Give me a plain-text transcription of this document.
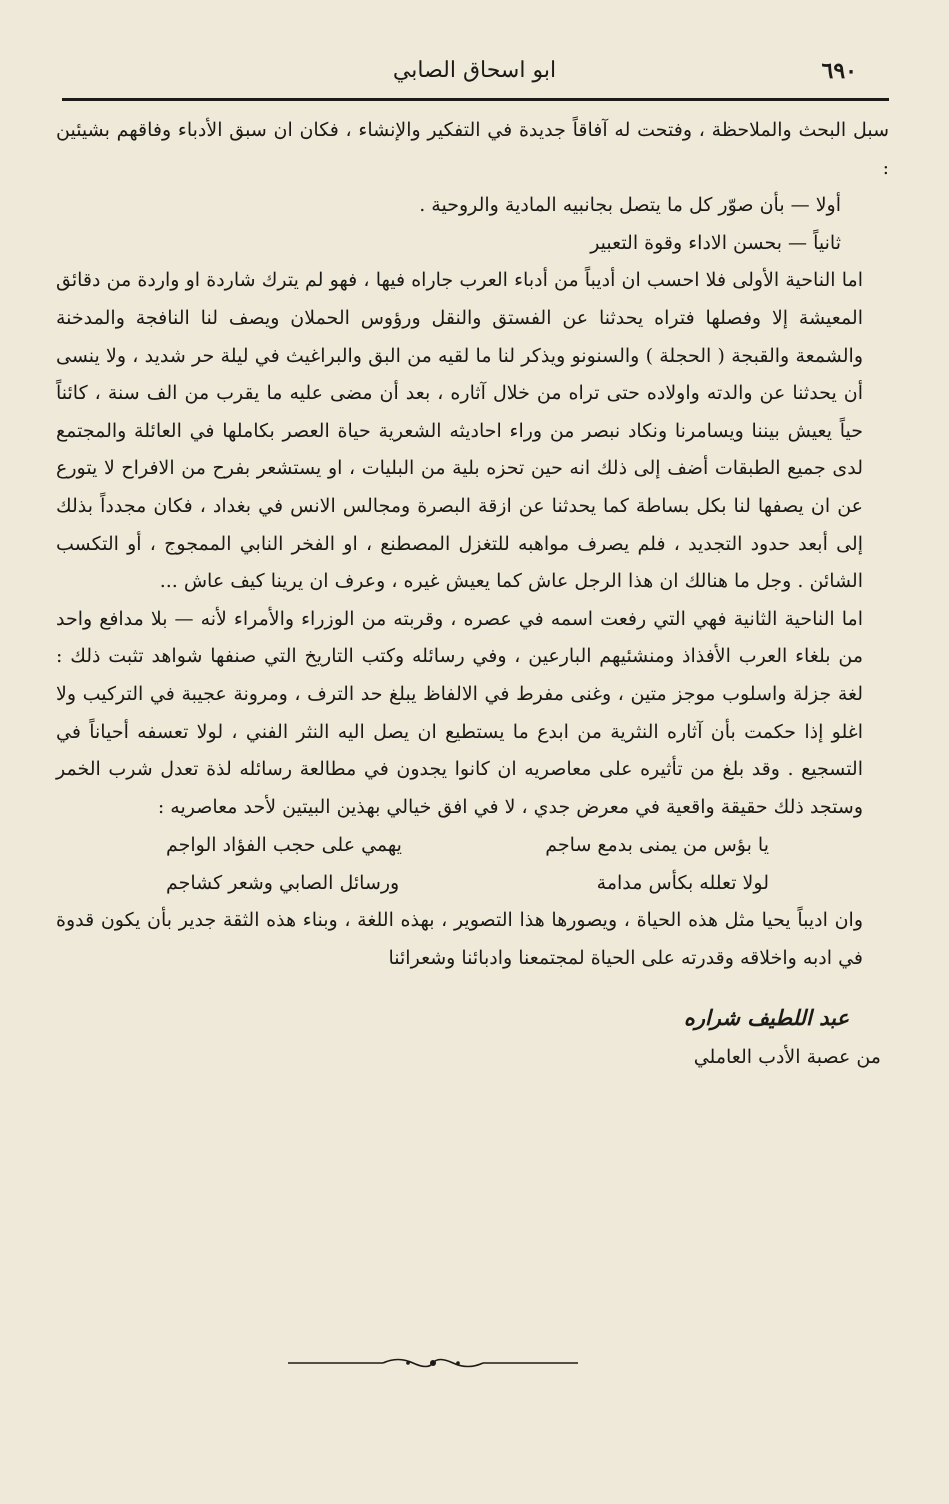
٦٩٠
ابو اسحاق الصابي

سبل البحث والملاحظة ، وفتحت له آفاقاً جديدة في التفكير والإنشاء ، فكان ان سبق الأدباء وفاقهم بشيئين :

أولا — بأن صوّر كل ما يتصل بجانبيه المادية والروحية .

ثانياً — بحسن الاداء وقوة التعبير

اما الناحية الأولى فلا احسب ان أديباً من أدباء العرب جاراه فيها ، فهو لم يترك شاردة او واردة من دقائق المعيشة إلا وفصلها فتراه يحدثنا عن الفستق والنقل ورؤوس الحملان ويصف لنا النافجة والمدخنة والشمعة والقبجة ( الحجلة ) والسنونو ويذكر لنا ما لقيه من البق والبراغيث في ليلة حر شديد ، ولا ينسى أن يحدثنا عن والدته واولاده حتى تراه من خلال آثاره ، بعد أن مضى عليه ما يقرب من الف سنة ، كائناً حياً يعيش بيننا ويسامرنا ونكاد نبصر من وراء احاديثه الشعرية حياة العصر بكاملها في العائلة والمجتمع لدى جميع الطبقات أضف إلى ذلك انه حين تحزه بلية من البليات ، او يستشعر بفرح من الافراح لا يتورع عن ان يصفها لنا بكل بساطة كما يحدثنا عن ازقة البصرة ومجالس الانس في بغداد ، فكان مجدداً بذلك إلى أبعد حدود التجديد ، فلم يصرف مواهبه للتغزل المصطنع ، او الفخر النابي الممجوج ، أو التكسب الشائن . وجل ما هنالك ان هذا الرجل عاش كما يعيش غيره ، وعرف ان يرينا كيف عاش ...

اما الناحية الثانية فهي التي رفعت اسمه في عصره ، وقربته من الوزراء والأمراء لأنه — بلا مدافع واحد من بلغاء العرب الأفذاذ ومنشئيهم البارعين ، وفي رسائله وكتب التاريخ التي صنفها شواهد تثبت ذلك : لغة جزلة واسلوب موجز متين ، وغنى مفرط في الالفاظ يبلغ حد الترف ، ومرونة عجيبة في التركيب ولا اغلو إذا حكمت بأن آثاره النثرية من ابدع ما يستطيع ان يصل اليه النثر الفني ، لولا تعسفه أحياناً في التسجيع . وقد بلغ من تأثيره على معاصريه ان كانوا يجدون في مطالعة رسائله لذة تعدل شرب الخمر وستجد ذلك حقيقة واقعية في معرض جدي ، لا في افق خيالي بهذين البيتين لأحد معاصريه :

يا بؤس من يمنى بدمع ساجم
يهمي على حجب الفؤاد الواجم
لولا تعلله بكأس مدامة
ورسائل الصابي وشعر كشاجم

وان اديباً يحيا مثل هذه الحياة ، ويصورها هذا التصوير ، بهذه اللغة ، وبناء هذه الثقة جدير بأن يكون قدوة في ادبه واخلاقه وقدرته على الحياة لمجتمعنا وادبائنا وشعرائنا

عبد اللطيف شراره
من عصبة الأدب العاملي
